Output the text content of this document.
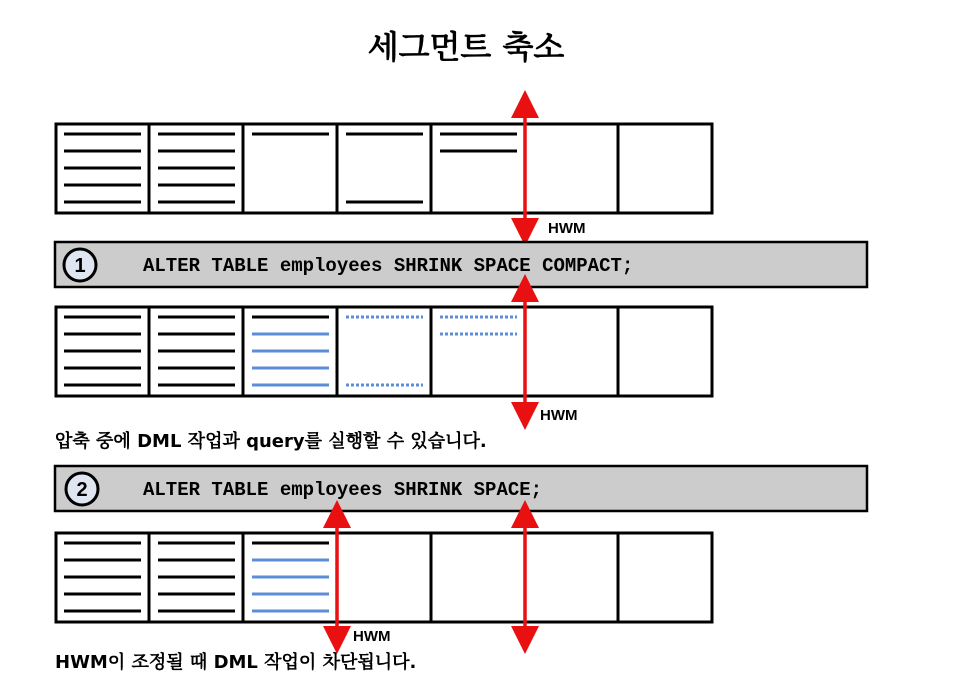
세그먼트 축소
HWM
1	ALTER TABLE employees SHRINK SPACE COMPACT;
HWM
압축 중에 DML 작업과 query를 실행할 수 있습니다.
2	ALTER TABLE employees SHRINK SPACE;
HWM
HWM이 조정될 때 DML 작업이 차단됩니다.
